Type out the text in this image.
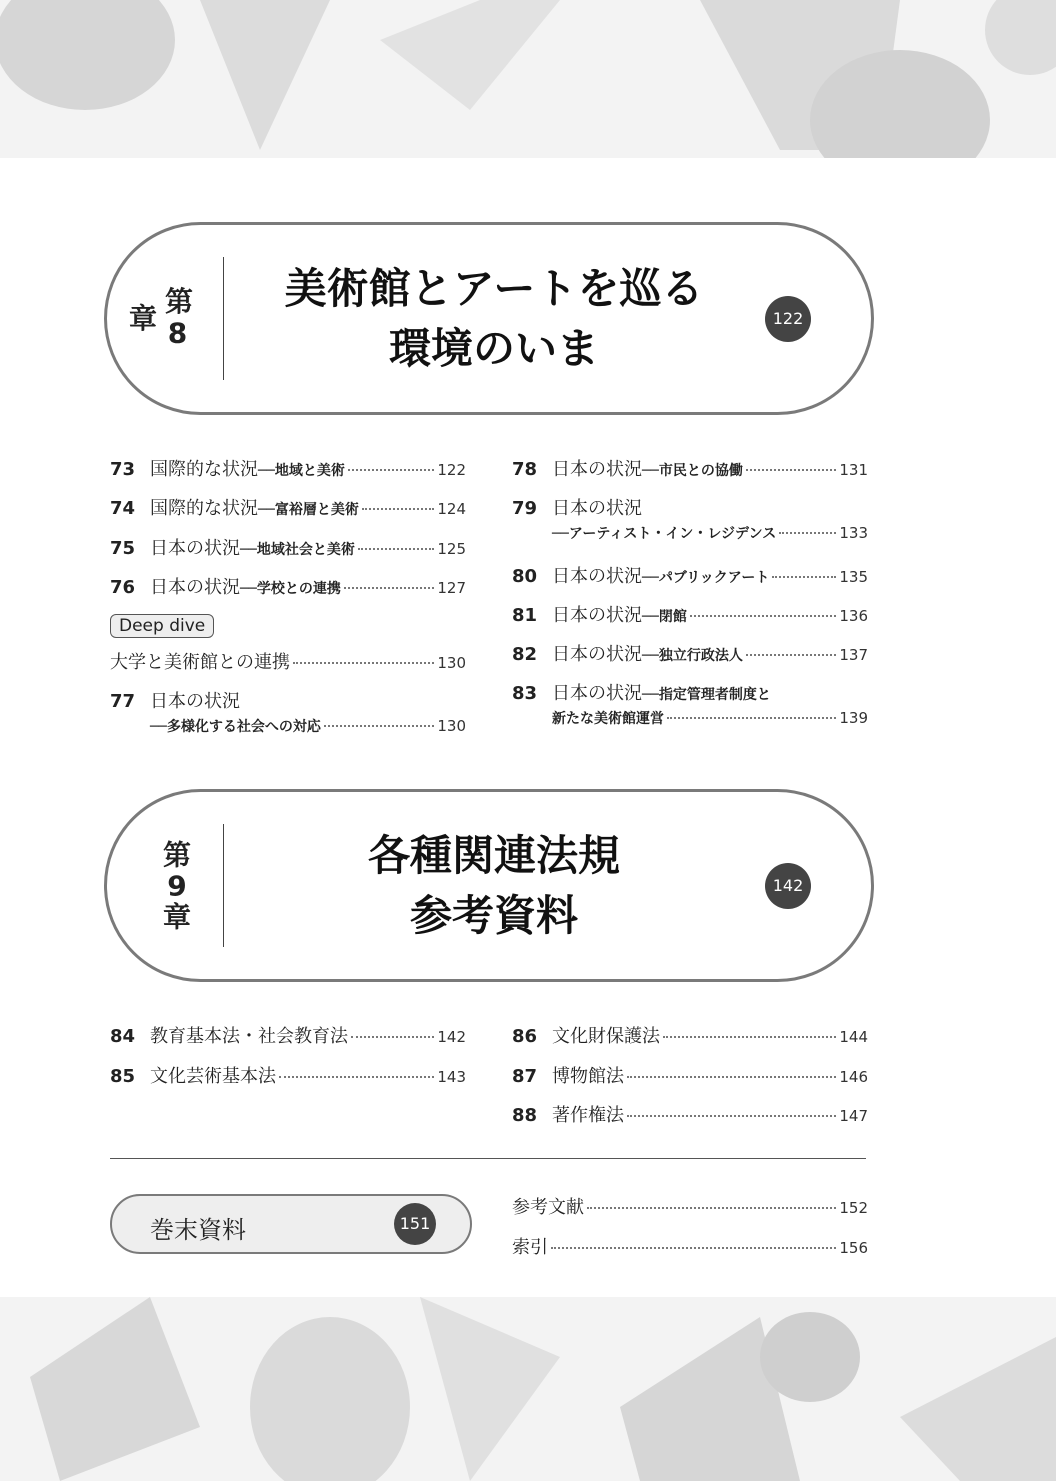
第8章
美術館とアートを巡る
環境のいま
122
Deep dive
大学と美術館との連携	130
77 日本の状況
──多様化する社会への対応	130
78 日本の状況 ──市民との協働	131
79 日本の状況
──アーティスト・イン・レジデンス	133
80 日本の状況 ──パブリックアート	135
81 日本の状況 ──閉館	136
82 日本の状況 ──独立行政法人	137
83 日本の状況 ──指定管理者制度と
新たな美術館運営	139
第
9
章
各種関連法規
参考資料
142
巻末資料	151
参考文献	152
索引	156
73 国際的な状況 ──地域と美術	122
74 国際的な状況 ──富裕層と美術	124
75 日本の状況 ──地域社会と美術	125
76 日本の状況 ──学校との連携	127
84 教育基本法・社会教育法	142
85 文化芸術基本法	143
86 文化財保護法	144
87 博物館法	146
88 著作権法	147
